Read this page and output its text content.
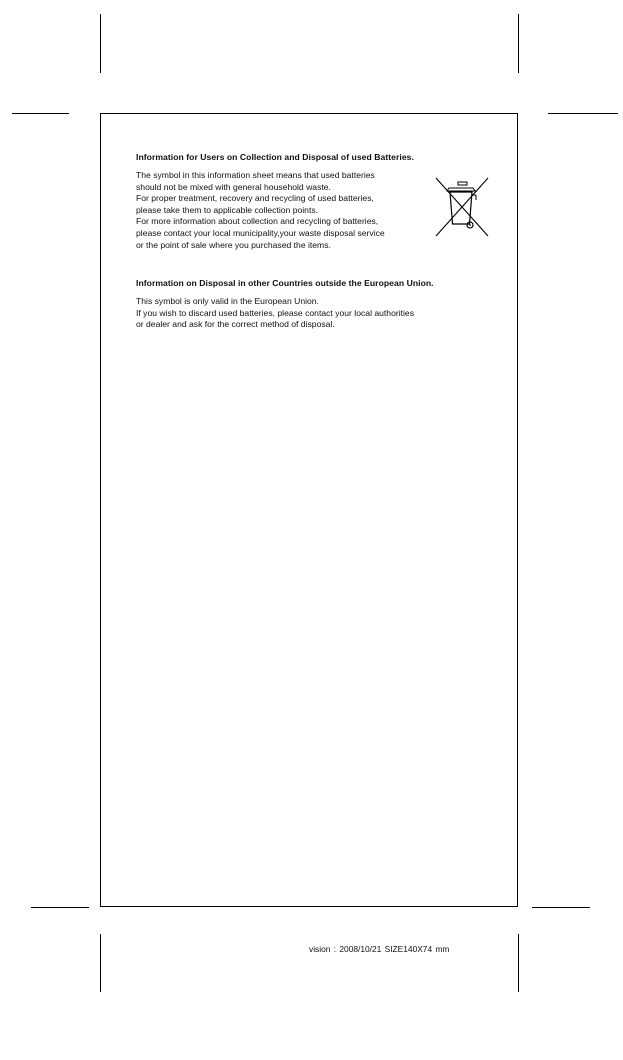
Information for Users on Collection and Disposal of used Batteries.
The symbol in this information sheet means that used batteries
should not be mixed with general household waste.
For proper treatment, recovery and recycling of used batteries,
please take them to applicable collection points.
For more information about collection and recycling of batteries,
please contact your local municipality,your waste disposal service
or the point of sale where you purchased the items.
Information on Disposal in other Countries outside the European Union.
This symbol is only valid in the European Union.
If you wish to discard used batteries, please contact your local authorities
or dealer and ask for the correct method of disposal.
vision : 2008/10/21 SIZE140X74 mm
